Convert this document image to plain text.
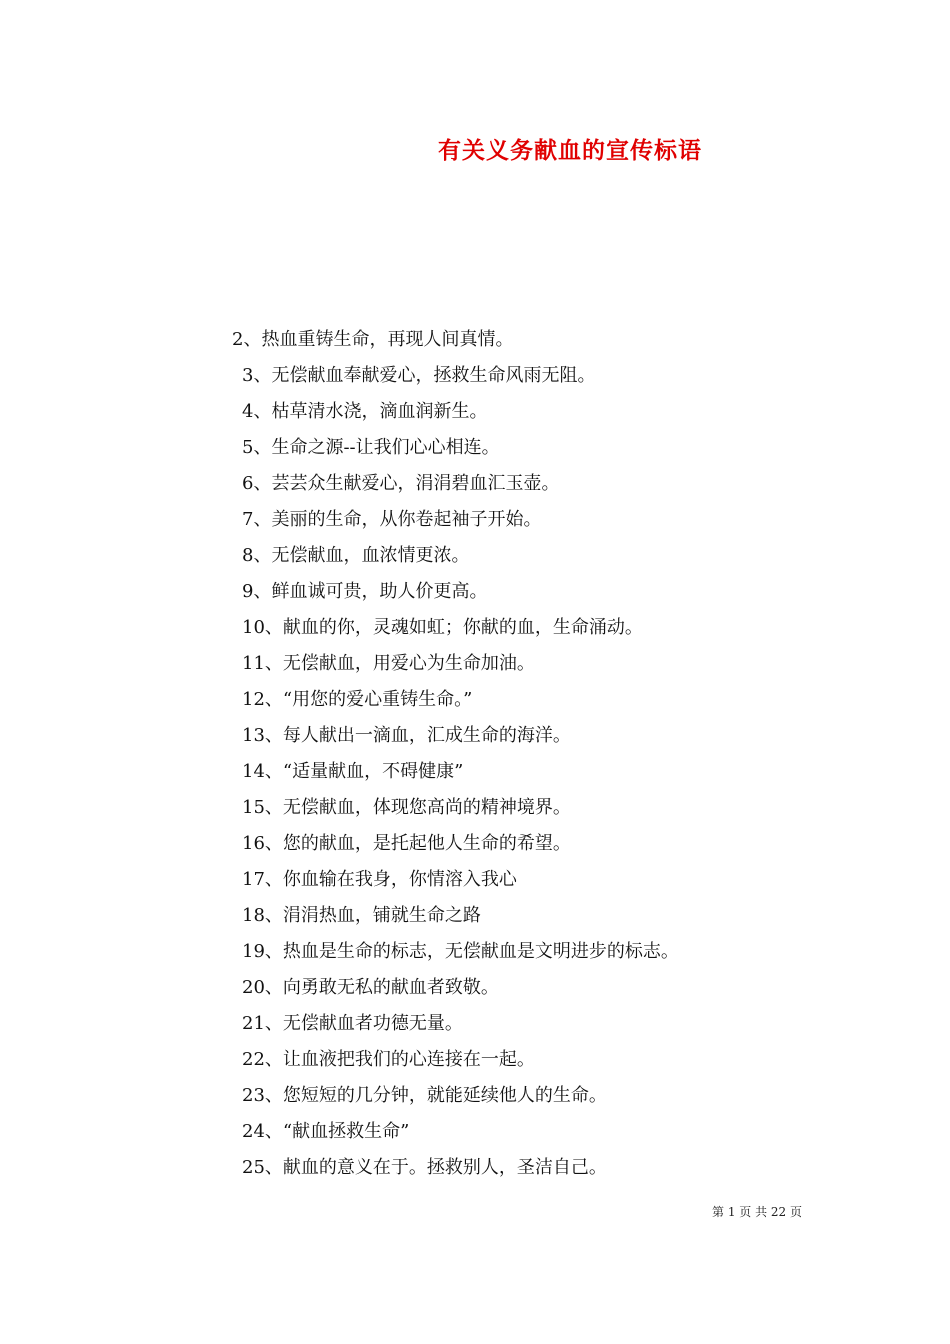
有关义务献血的宣传标语
2、热血重铸生命，再现人间真情。
3、无偿献血奉献爱心，拯救生命风雨无阻。
4、枯草清水浇，滴血润新生。
5、生命之源--让我们心心相连。
6、芸芸众生献爱心，涓涓碧血汇玉壶。
7、美丽的生命，从你卷起袖子开始。
8、无偿献血，血浓情更浓。
9、鲜血诚可贵，助人价更高。
10、献血的你，灵魂如虹；你献的血，生命涌动。
11、无偿献血，用爱心为生命加油。
12、“用您的爱心重铸生命。”
13、每人献出一滴血，汇成生命的海洋。
14、“适量献血，不碍健康”
15、无偿献血，体现您高尚的精神境界。
16、您的献血，是托起他人生命的希望。
17、你血输在我身，你情溶入我心
18、涓涓热血，铺就生命之路
19、热血是生命的标志，无偿献血是文明进步的标志。
20、向勇敢无私的献血者致敬。
21、无偿献血者功德无量。
22、让血液把我们的心连接在一起。
23、您短短的几分钟，就能延续他人的生命。
24、“献血拯救生命”
25、献血的意义在于。拯救别人，圣洁自己。
第 1 页 共 22 页
